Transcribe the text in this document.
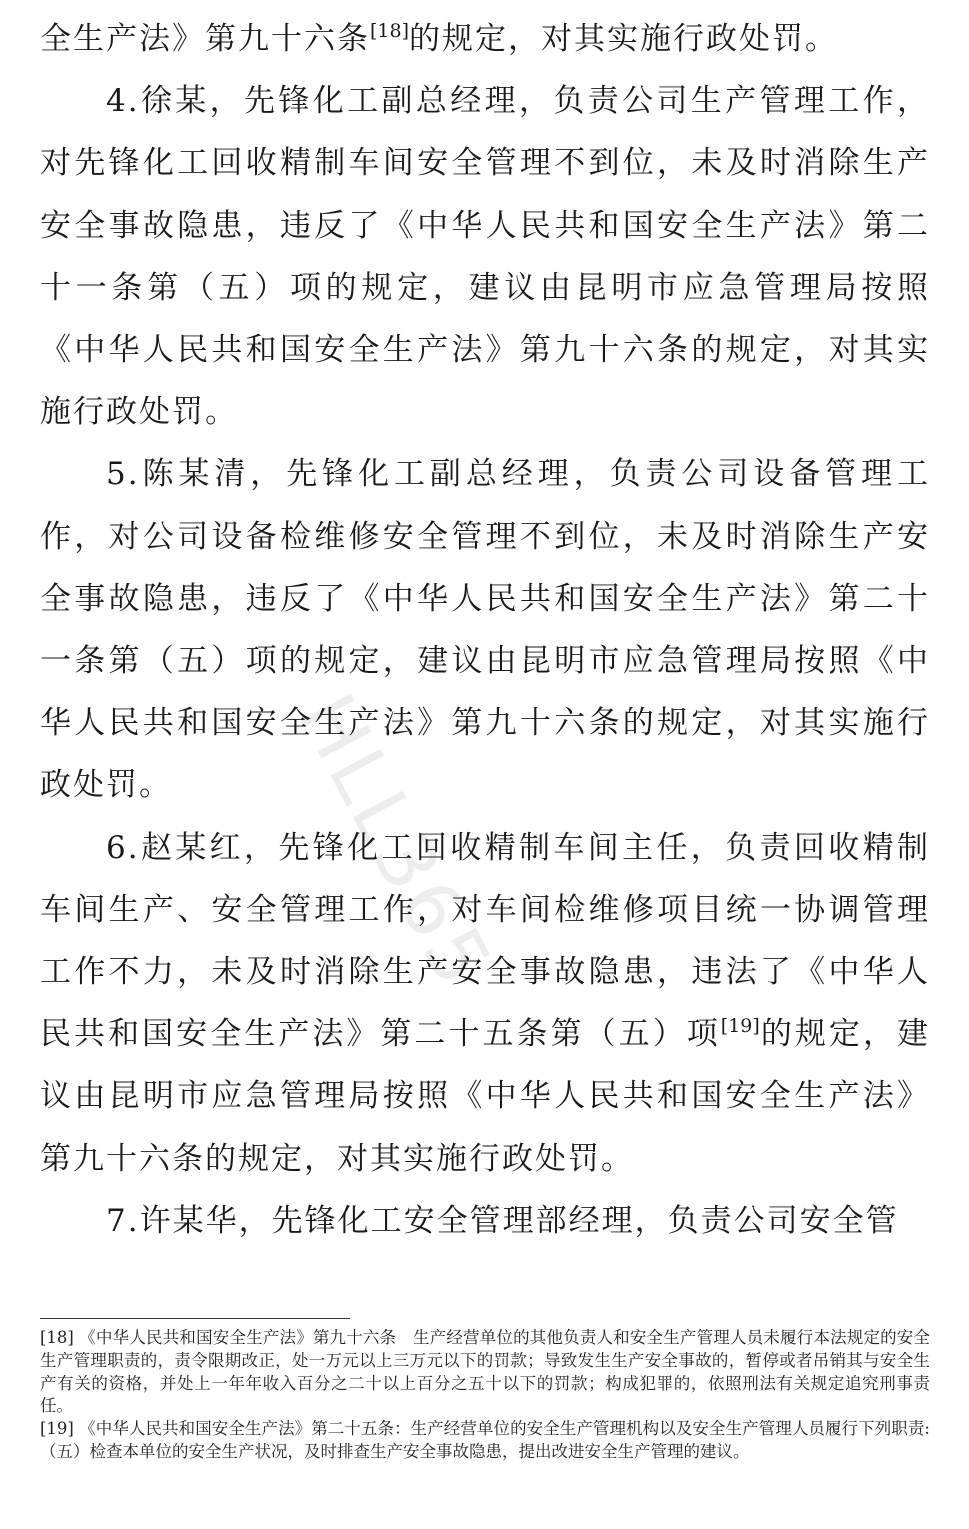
全生产法》第九十六条[18]的规定，对其实施行政处罚。

4.徐某，先锋化工副总经理，负责公司生产管理工作，对先锋化工回收精制车间安全管理不到位，未及时消除生产安全事故隐患，违反了《中华人民共和国安全生产法》第二十一条第（五）项的规定，建议由昆明市应急管理局按照《中华人民共和国安全生产法》第九十六条的规定，对其实施行政处罚。

5.陈某清，先锋化工副总经理，负责公司设备管理工作，对公司设备检维修安全管理不到位，未及时消除生产安全事故隐患，违反了《中华人民共和国安全生产法》第二十一条第（五）项的规定，建议由昆明市应急管理局按照《中华人民共和国安全生产法》第九十六条的规定，对其实施行政处罚。

6.赵某红，先锋化工回收精制车间主任，负责回收精制车间生产、安全管理工作，对车间检维修项目统一协调管理工作不力，未及时消除生产安全事故隐患，违法了《中华人民共和国安全生产法》第二十五条第（五）项[19]的规定，建议由昆明市应急管理局按照《中华人民共和国安全生产法》第九十六条的规定，对其实施行政处罚。

7.许某华，先锋化工安全管理部经理，负责公司安全管

HLL365

[18] 《中华人民共和国安全生产法》第九十六条　生产经营单位的其他负责人和安全生产管理人员未履行本法规定的安全生产管理职责的，责令限期改正，处一万元以上三万元以下的罚款；导致发生生产安全事故的，暂停或者吊销其与安全生产有关的资格，并处上一年年收入百分之二十以上百分之五十以下的罚款；构成犯罪的，依照刑法有关规定追究刑事责任。

[19] 《中华人民共和国安全生产法》第二十五条：生产经营单位的安全生产管理机构以及安全生产管理人员履行下列职责:（五）检查本单位的安全生产状况，及时排查生产安全事故隐患，提出改进安全生产管理的建议。
